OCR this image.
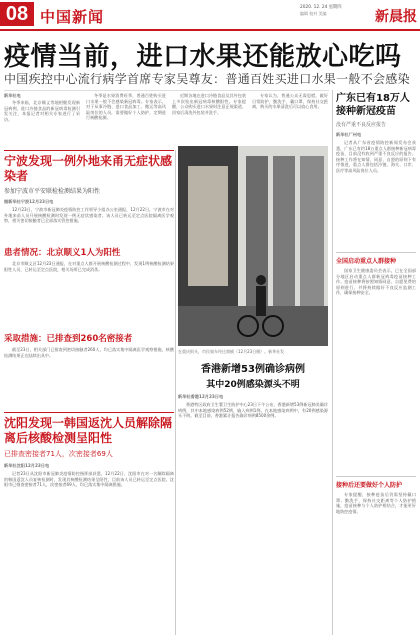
08 中国新闻
2020. 12. 24 星期四
编辑 校对 美编	新晨报
疫情当前，进口水果还能放心吃吗
中国疾控中心流行病学首席专家吴尊友：普通百姓买进口水果一般不会感染
新华社电

冬季来临，北京顺义等地相继发现新冠病例，进口冷链食品的新冠病毒检测引发关注，本报记者对相关专家进行了采访。

冬季是水果消费旺季，普通百姓购买进口水果一般不会感染新冠病毒。专家表示，对于从事冷链、进口食品加工、搬运等高风险岗位的人员，需要做好个人防护，定期进行核酸检测。

近期各地在进口冷链食品及其外包装上多次检出新冠病毒核酸阳性。专家提醒，公众购买进口水果时注意正规渠道，回家后清洗外包装并洗手。

专家认为，普通公众无需恐慌，做好日常防护，勤洗手、戴口罩、保持社交距离，购买的水果清洗后可以放心食用。

宁波发现一例外地来甬无症状感染者
参加宁波市平安联检检测结果为阳性
据新华社宁波12月23日电

12月23日，宁波市新冠肺炎疫情防控工作领导小组办公室通报，12月22日，宁波市在对外地来甬人员开展核酸检测时发现一例无症状感染者。该人员已转运至定点医院隔离医学观察，相关密切接触者已全部落实管控措施。

患者情况：北京顺义1人为阳性

北京市顺义区12月23日通报，在对重点人群开展核酸检测过程中，发现1例核酸检测结果阳性人员，已转运至定点医院，相关场所已完成消杀。

采取措施：已排查到260名密接者

截至23日，相关部门已排查到密切接触者260人，均已落实集中隔离医学观察措施，核酸检测结果正在陆续出具中。

沈阳发现一韩国返沈人员解除隔离后核酸检测呈阳性
已排查密接者71人，次密接者69人
新华社沈阳12月23日电

记者23日从沈阳市新冠肺炎疫情防控指挥部获悉，12月22日，沈阳市在对一名解除隔离的韩国返沈人员复核检测时，发现其核酸检测结果呈阳性，目前该人员已转运至定点医院。沈阳市已排查密接者71人，次密接者69人，均已落实集中隔离措施。

在重庆街头，市民骑车经过商铺（12月23日摄）。新华社发
香港新增53例确诊病例
其中20例感染源头不明
新华社香港12月23日电

香港特区政府卫生署卫生防护中心23日下午公布，香港新增53例新冠肺炎确诊病例，其中本地感染病例52例，输入病例1例。在本地感染病例中，有20例感染源头不明。截至目前，香港累计报告确诊病例8500余例。

广东已有18万人接种新冠疫苗
没有严重不良反应报告
新华社广州电

记者从广东省疫情防控新闻发布会获悉，广东已有约18万重点人群接种新冠病毒疫苗，目前没有收到严重不良反应的报告。接种工作将在知情、同意、自愿的原则下有序推进，重点人群包括冷链、海关、口岸、医疗等高风险岗位人员。

全国启动重点人群接种

国家卫生健康委员会表示，已在全国部分地区启动重点人群新冠病毒疫苗接种工作。疫苗接种将按照知情同意、自愿免费的原则进行，并将持续做好不良反应监测工作，确保接种安全。

接种后还要做好个人防护

专家提醒，接种疫苗后仍需坚持戴口罩、勤洗手、保持社交距离等个人防护措施，疫苗接种与个人防护相结合，才能更好地防控疫情。
